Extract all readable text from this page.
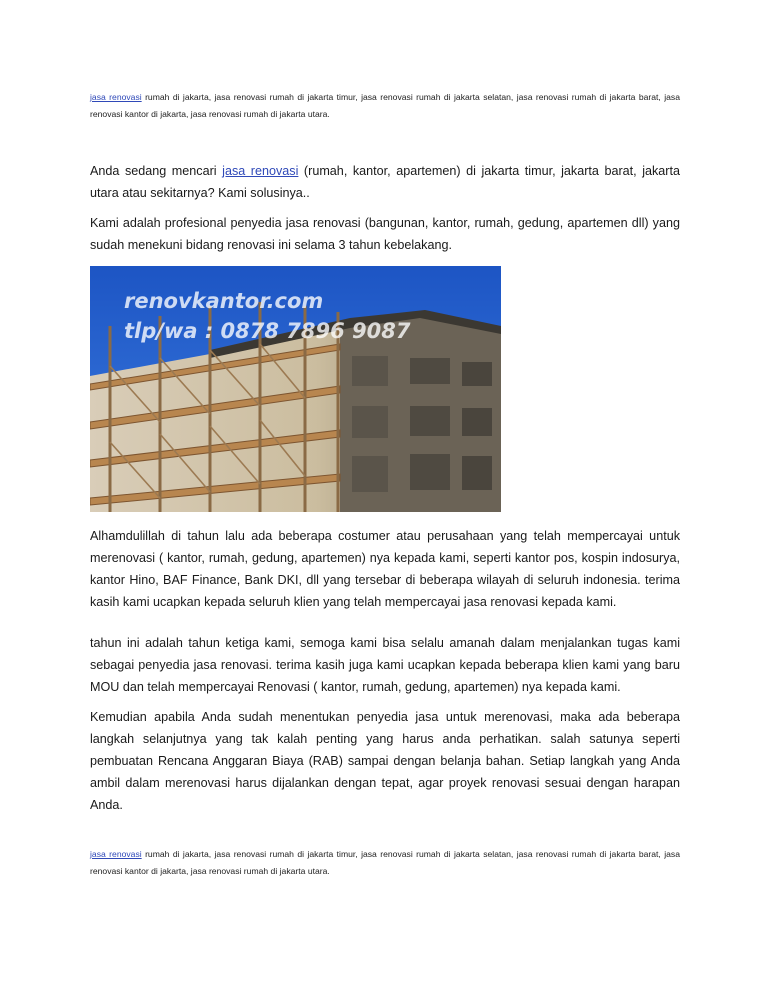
jasa renovasi rumah di jakarta, jasa renovasi rumah di jakarta timur, jasa renovasi rumah di jakarta selatan, jasa renovasi rumah di jakarta barat, jasa renovasi kantor di jakarta, jasa renovasi rumah di jakarta utara.

Anda sedang mencari jasa renovasi (rumah, kantor, apartemen) di jakarta timur, jakarta barat, jakarta utara atau sekitarnya? Kami solusinya..

Kami adalah profesional penyedia jasa renovasi (bangunan, kantor, rumah, gedung, apartemen dll) yang sudah menekuni bidang renovasi ini selama 3 tahun kebelakang.

renovkantor.com
tlp/wa : 0878 7896 9087

Alhamdulillah di tahun lalu ada beberapa costumer atau perusahaan yang telah mempercayai untuk merenovasi ( kantor, rumah, gedung, apartemen) nya kepada kami, seperti kantor pos, kospin indosurya, kantor Hino, BAF Finance, Bank DKI, dll yang tersebar di beberapa wilayah di seluruh indonesia. terima kasih kami ucapkan kepada seluruh klien yang telah mempercayai jasa renovasi kepada kami.

tahun ini adalah tahun ketiga kami, semoga kami bisa selalu amanah dalam menjalankan tugas kami sebagai penyedia jasa renovasi. terima kasih juga kami ucapkan kepada beberapa klien kami yang baru MOU dan telah mempercayai Renovasi ( kantor, rumah, gedung, apartemen) nya kepada kami.

Kemudian apabila Anda sudah menentukan penyedia jasa untuk merenovasi, maka ada beberapa langkah selanjutnya yang tak kalah penting yang harus anda perhatikan. salah satunya seperti pembuatan Rencana Anggaran Biaya (RAB) sampai dengan belanja bahan. Setiap langkah yang Anda ambil dalam merenovasi harus dijalankan dengan tepat, agar proyek renovasi sesuai dengan harapan Anda.

jasa renovasi rumah di jakarta, jasa renovasi rumah di jakarta timur, jasa renovasi rumah di jakarta selatan, jasa renovasi rumah di jakarta barat, jasa renovasi kantor di jakarta, jasa renovasi rumah di jakarta utara.
